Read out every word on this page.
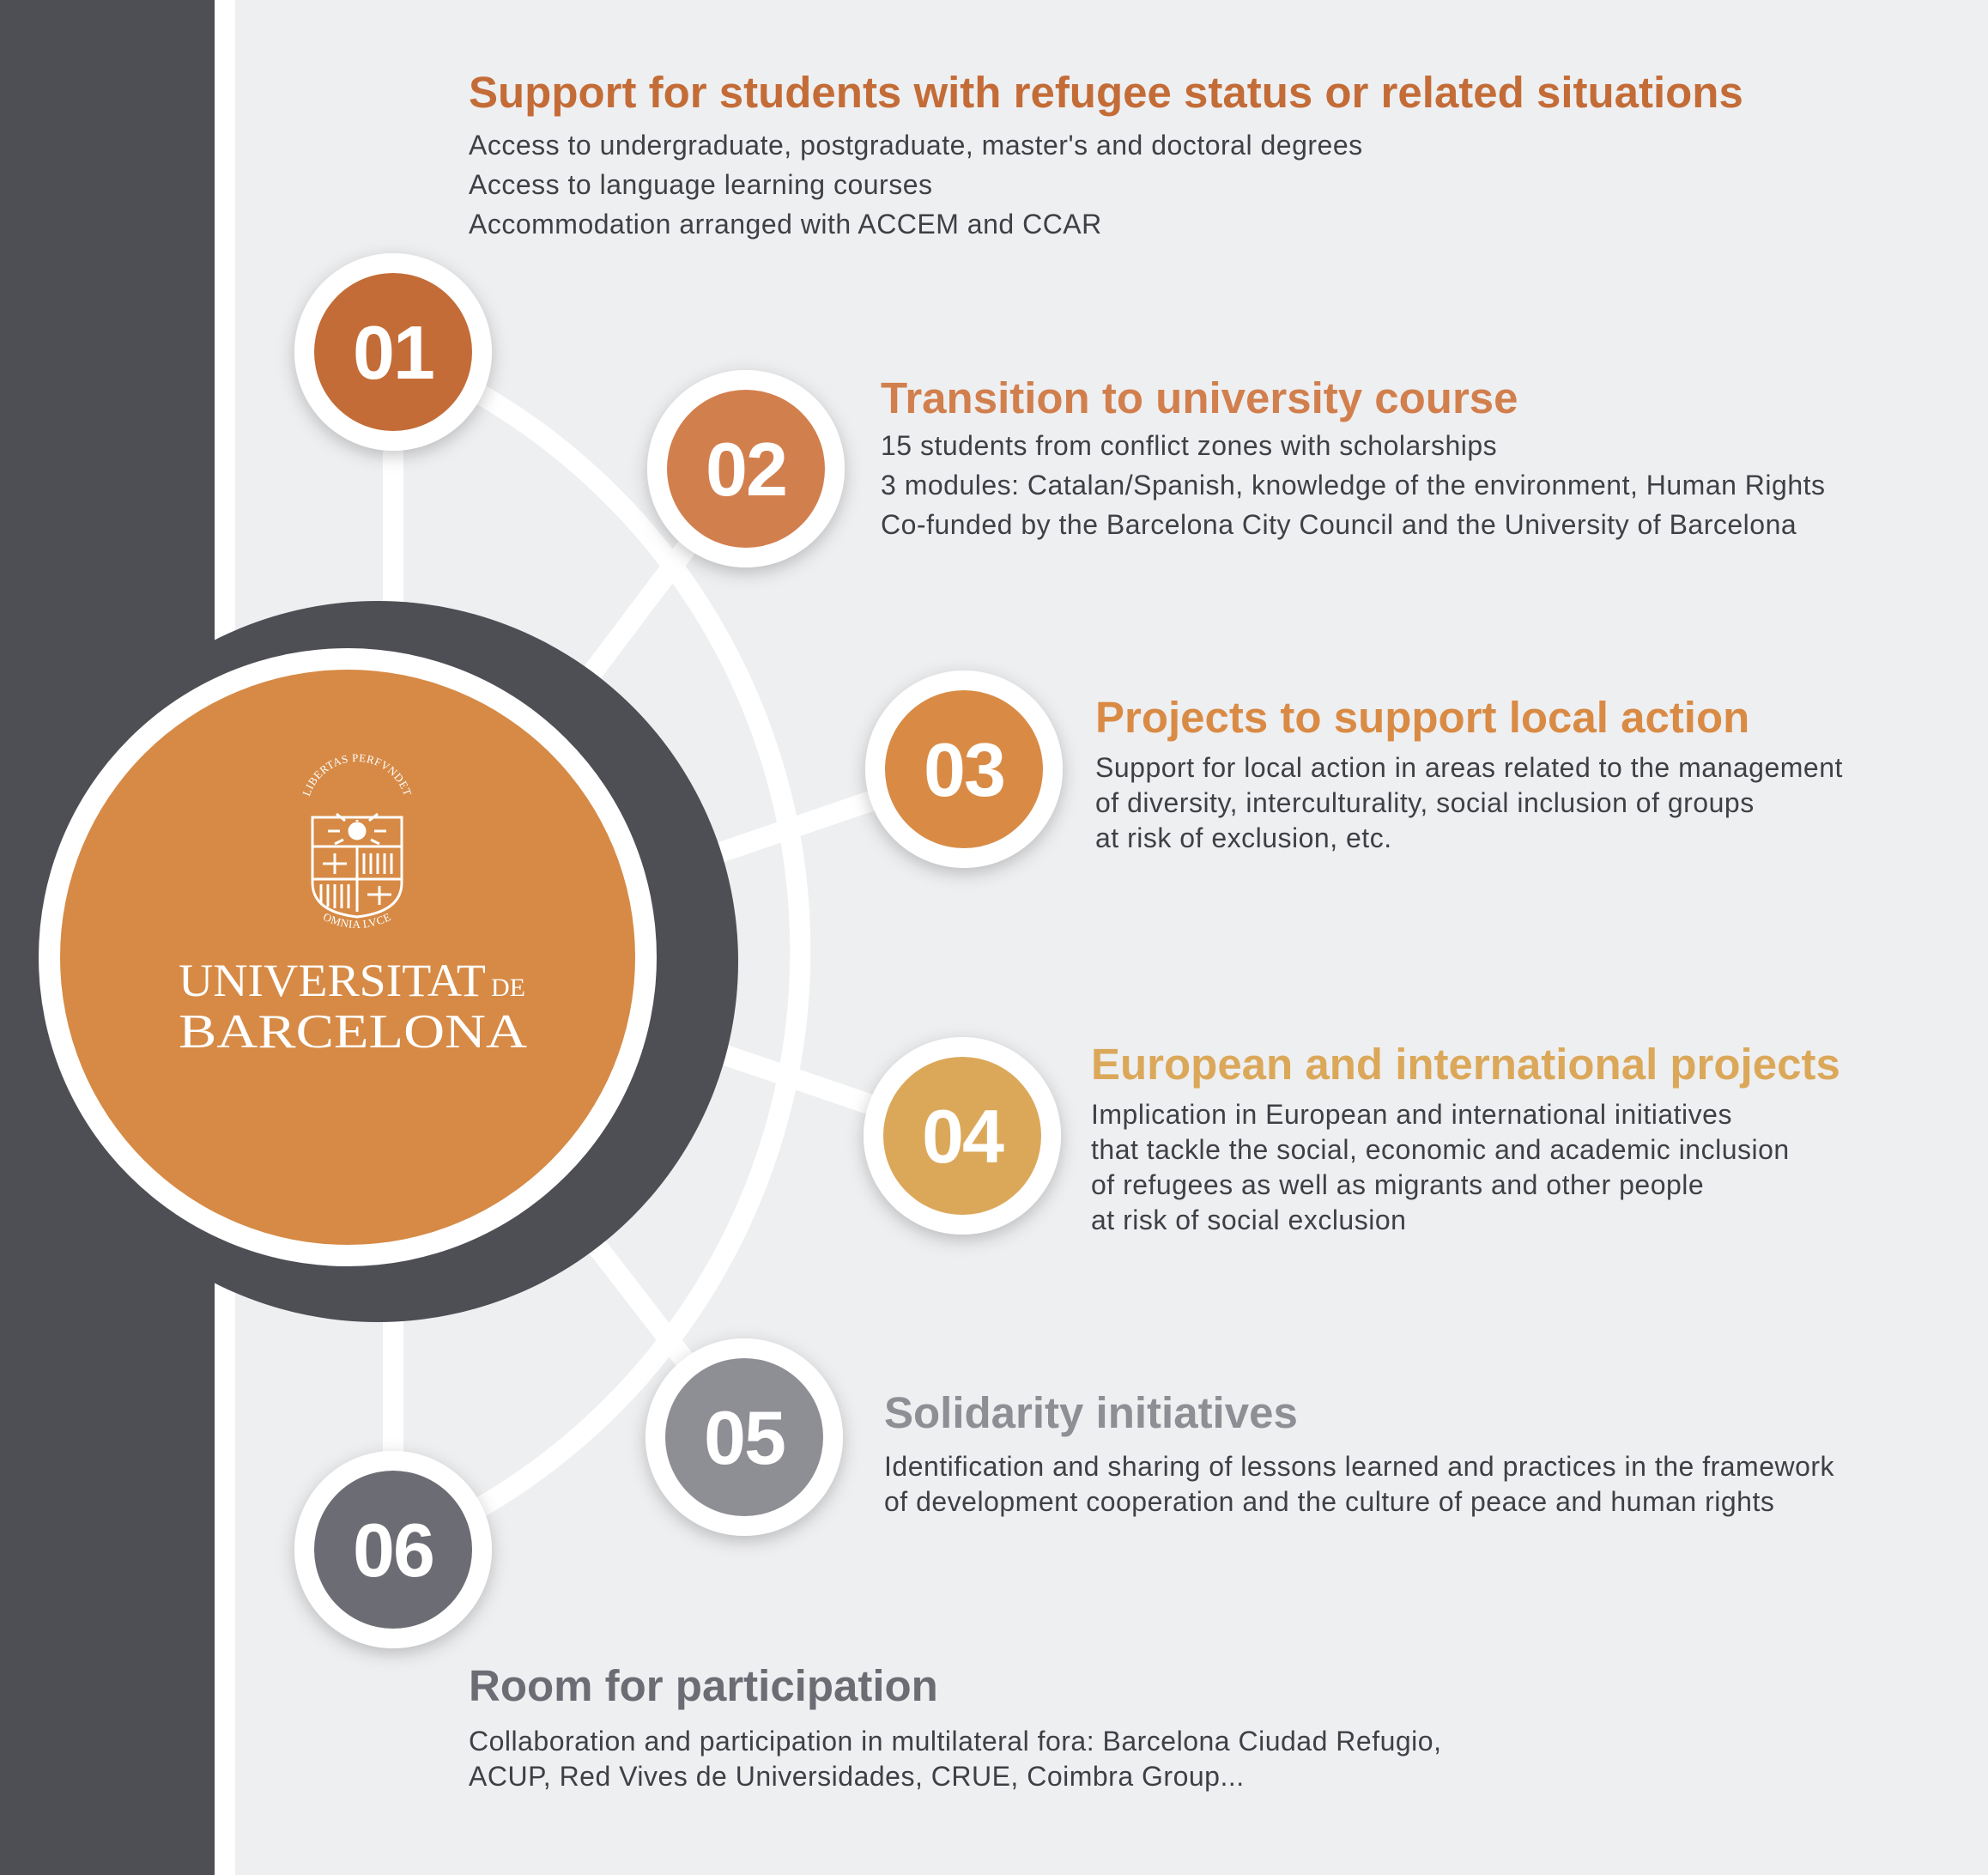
LIBERTAS PERFVNDET
OMNIA LVCE
UNIVERSITAT DE
BARCELONA
01
02
03
04
05
06
Support for students with refugee status or related situations
Access to undergraduate, postgraduate, master's and doctoral degrees
Access to language learning courses
Accommodation arranged with ACCEM and CCAR
Transition to university course
15 students from conflict zones with scholarships
3 modules: Catalan/Spanish, knowledge of the environment, Human Rights
Co-funded by the Barcelona City Council and the University of Barcelona
Projects to support local action
Support for local action in areas related to the management
of diversity, interculturality, social inclusion of groups
at risk of exclusion, etc.
European and international projects
Implication in European and international initiatives
that tackle the social, economic and academic inclusion
of refugees as well as migrants and other people
at risk of social exclusion
Solidarity initiatives
Identification and sharing of lessons learned and practices in the framework
of development cooperation and the culture of peace and human rights
Room for participation
Collaboration and participation in multilateral fora: Barcelona Ciudad Refugio,
ACUP, Red Vives de Universidades, CRUE, Coimbra Group...
